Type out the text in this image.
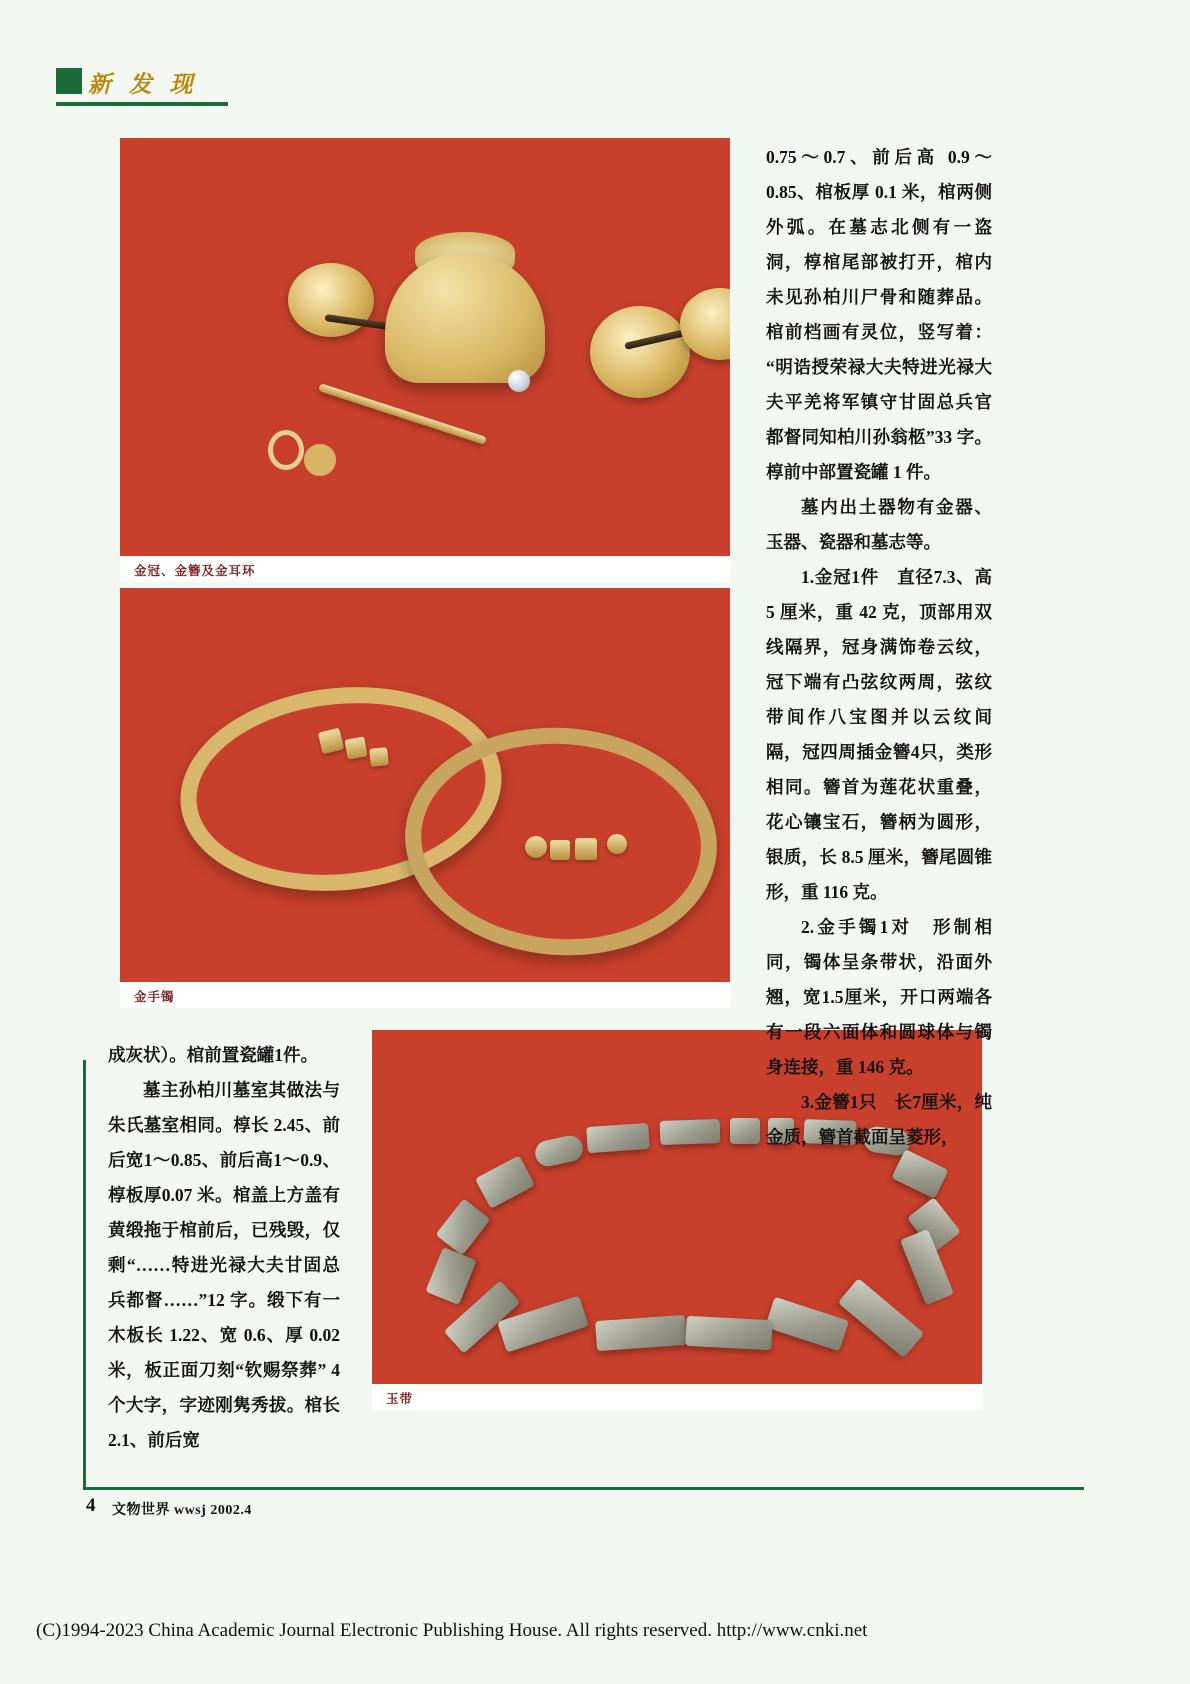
新 发 现
金冠、金簪及金耳环
金手镯
玉带

0.75～0.7、前后高 0.9～0.85、棺板厚 0.1 米，棺两侧外弧。在墓志北侧有一盗洞，椁棺尾部被打开，棺内未见孙柏川尸骨和随葬品。棺前档画有灵位，竖写着：“明诰授荣禄大夫特进光禄大夫平羌将军镇守甘固总兵官都督同知柏川孙翁柩”33 字。椁前中部置瓷罐 1 件。

墓内出土器物有金器、玉器、瓷器和墓志等。

1.金冠1件　直径7.3、高 5 厘米，重 42 克，顶部用双线隔界，冠身满饰卷云纹，冠下端有凸弦纹两周，弦纹带间作八宝图并以云纹间隔，冠四周插金簪4只，类形相同。簪首为莲花状重叠，花心镶宝石，簪柄为圆形，银质，长 8.5 厘米，簪尾圆锥形，重 116 克。

2.金手镯1对　形制相同，镯体呈条带状，沿面外翘，宽1.5厘米，开口两端各有一段六面体和圆球体与镯身连接，重 146 克。

3.金簪1只　长7厘米，纯金质，簪首截面呈菱形，

成灰状）。棺前置瓷罐1件。

墓主孙柏川墓室其做法与朱氏墓室相同。椁长 2.45、前后宽1～0.85、前后高1～0.9、椁板厚0.07 米。棺盖上方盖有黄缎拖于棺前后，已残毁，仅剩“……特进光禄大夫甘固总兵都督……”12 字。缎下有一木板长 1.22、宽 0.6、厚 0.02米，板正面刀刻“钦赐祭葬” 4 个大字，字迹刚隽秀拔。棺长 2.1、前后宽

4 文物世界 wwsj 2002.4
(C)1994-2023 China Academic Journal Electronic Publishing House. All rights reserved. http://www.cnki.net
